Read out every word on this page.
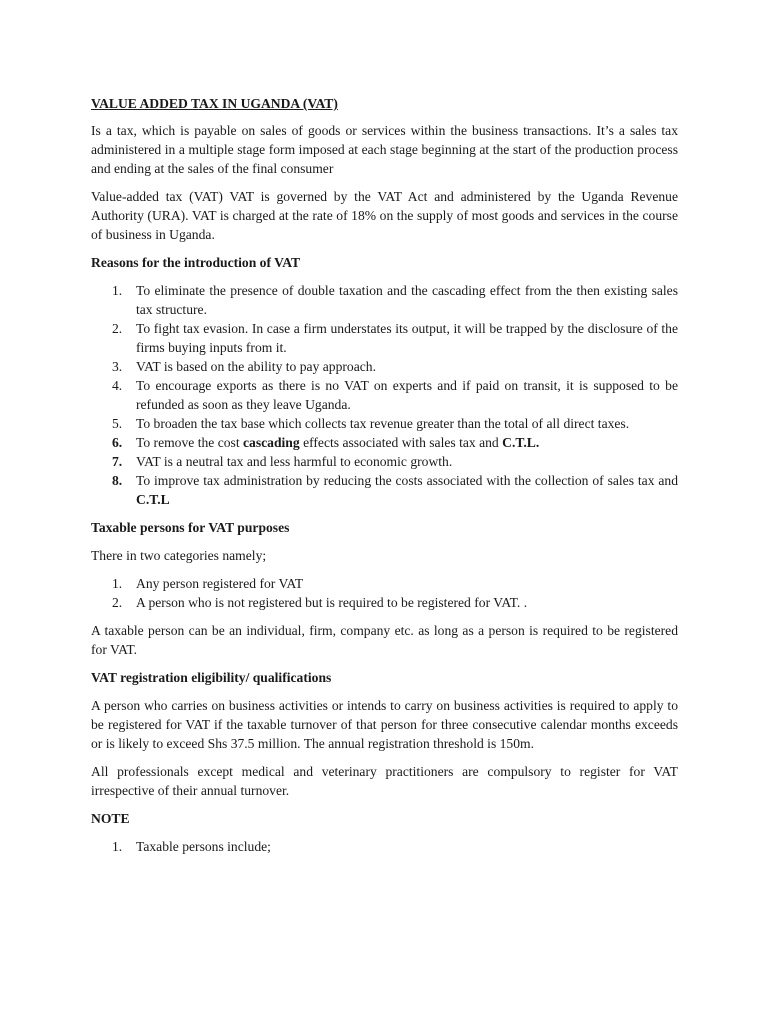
VALUE ADDED TAX IN UGANDA (VAT)

Is a tax, which is payable on sales of goods or services within the business transactions. It’s a sales tax administered in a multiple stage form imposed at each stage beginning at the start of the production process and ending at the sales of the final consumer

Value-added tax (VAT) VAT is governed by the VAT Act and administered by the Uganda Revenue Authority (URA). VAT is charged at the rate of 18% on the supply of most goods and services in the course of business in Uganda.

Reasons for the introduction of VAT
1. To eliminate the presence of double taxation and the cascading effect from the then existing sales tax structure.
2. To fight tax evasion. In case a firm understates its output, it will be trapped by the disclosure of the firms buying inputs from it.
3. VAT is based on the ability to pay approach.
4. To encourage exports as there is no VAT on experts and if paid on transit, it is supposed to be refunded as soon as they leave Uganda.
5. To broaden the tax base which collects tax revenue greater than the total of all direct taxes.
6. To remove the cost cascading effects associated with sales tax and C.T.L.
7. VAT is a neutral tax and less harmful to economic growth.
8. To improve tax administration by reducing the costs associated with the collection of sales tax and C.T.L
Taxable persons for VAT purposes

There in two categories namely;

1. Any person registered for VAT
2. A person who is not registered but is required to be registered for VAT. .

A taxable person can be an individual, firm, company etc. as long as a person is required to be registered for VAT.

VAT registration eligibility/ qualifications

A person who carries on business activities or intends to carry on business activities is required to apply to be registered for VAT if the taxable turnover of that person for three consecutive calendar months exceeds or is likely to exceed Shs 37.5 million. The annual registration threshold is 150m.

All professionals except medical and veterinary practitioners are compulsory to register for VAT irrespective of their annual turnover.

NOTE
1. Taxable persons include;
